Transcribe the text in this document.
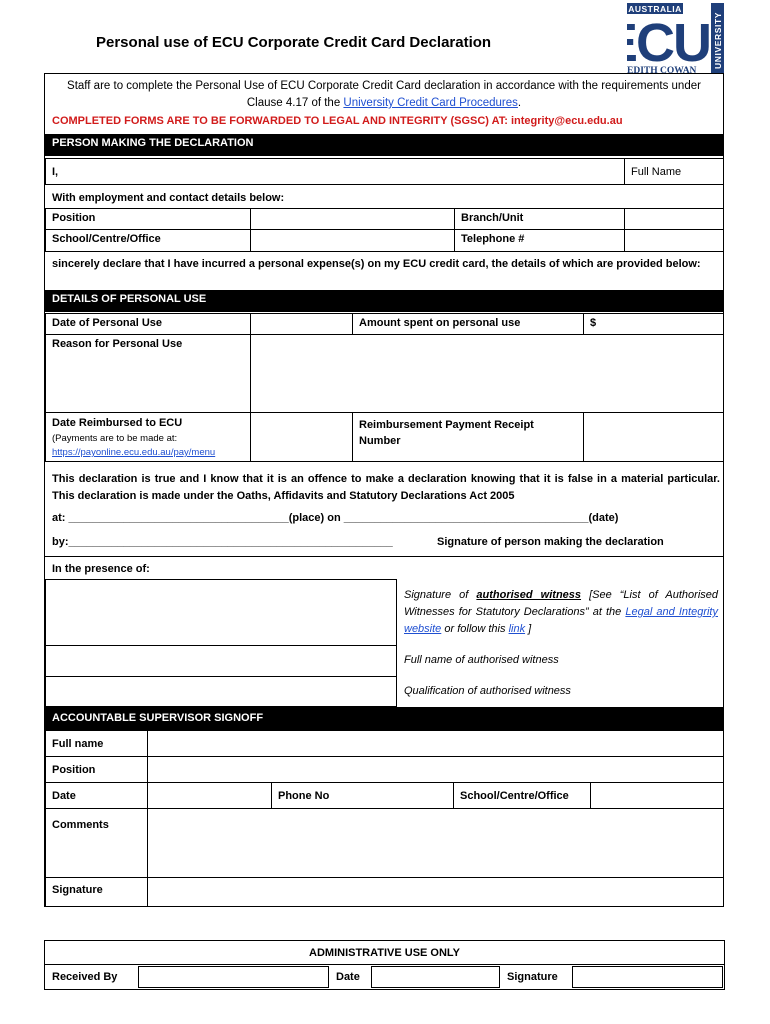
Personal use of ECU Corporate Credit Card Declaration
AUSTRALIA
CU UNIVERSITY
EDITH COWAN
Staff are to complete the Personal Use of ECU Corporate Credit Card declaration in accordance with the requirements under Clause 4.17 of the University Credit Card Procedures.
COMPLETED FORMS ARE TO BE FORWARDED TO LEGAL AND INTEGRITY (SGSC) AT: integrity@ecu.edu.au
PERSON MAKING THE DECLARATION
I,	Full Name
With employment and contact details below:
Position	Branch/Unit
School/Centre/Office	Telephone #
sincerely declare that I have incurred a personal expense(s) on my ECU credit card, the details of which are provided below:
DETAILS OF PERSONAL USE
Date of Personal Use	Amount spent on personal use	$
Reason for Personal Use
Date Reimbursed to ECU
(Payments are to be made at:
https://payonline.ecu.edu.au/pay/menu
Reimbursement Payment Receipt Number
This declaration is true and I know that it is an offence to make a declaration knowing that it is false in a material particular. This declaration is made under the Oaths, Affidavits and Statutory Declarations Act 2005
at: ____________________________________(place) on ________________________________________(date)
by:_____________________________________________________	Signature of person making the declaration
In the presence of:
Signature of authorised witness [See “List of Authorised Witnesses for Statutory Declarations” at the Legal and Integrity website or follow this link ]
Full name of authorised witness
Qualification of authorised witness
ACCOUNTABLE SUPERVISOR SIGNOFF
Full name
Position
Date	Phone No	School/Centre/Office
Comments
Signature
ADMINISTRATIVE USE ONLY
Received By	Date	Signature
